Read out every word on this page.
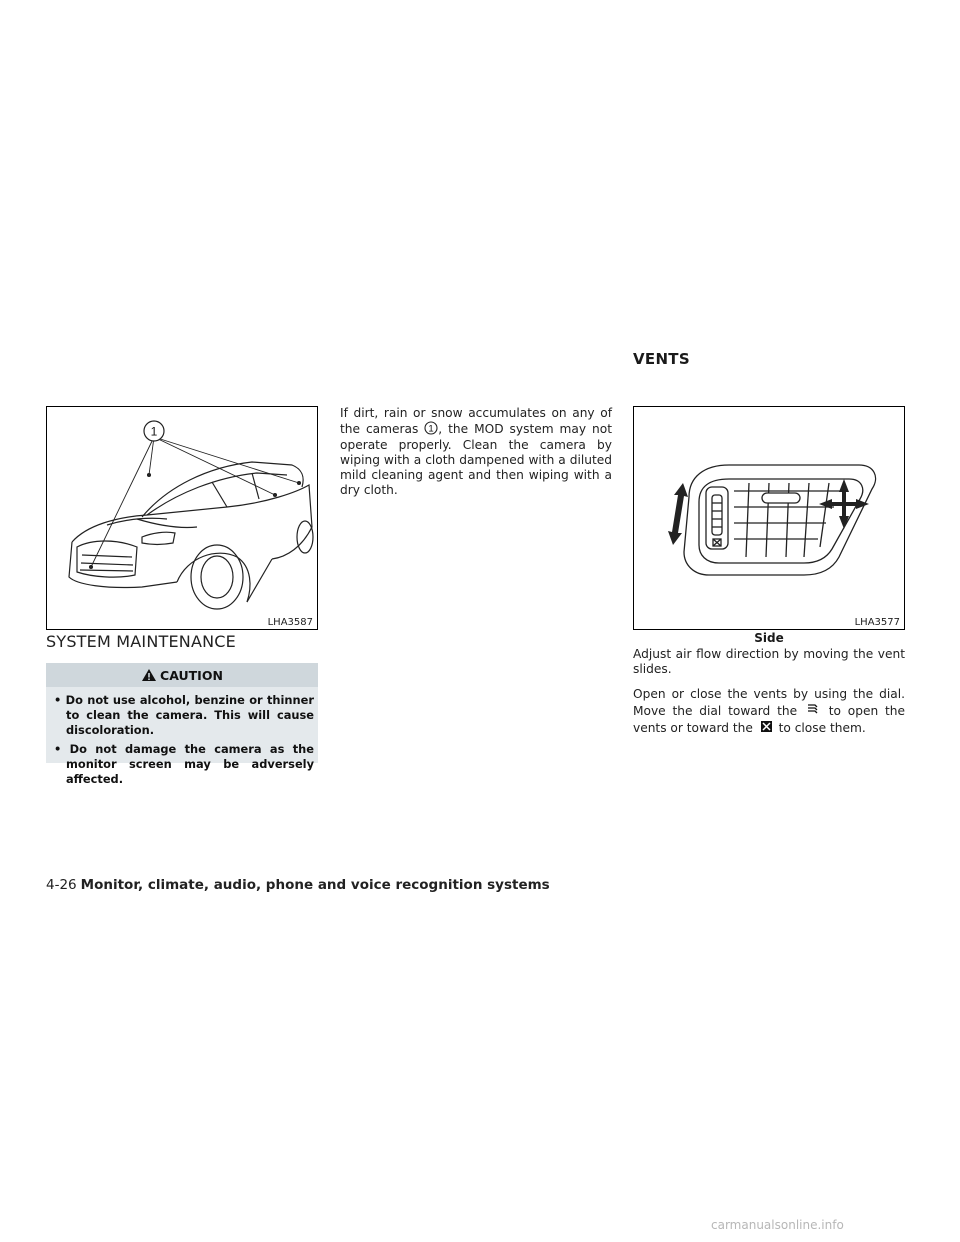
1
LHA3587
SYSTEM MAINTENANCE
CAUTION
• Do not use alcohol, benzine or thinner to clean the camera. This will cause discoloration.
• Do not damage the camera as the monitor screen may be adversely affected.
If dirt, rain or snow accumulates on any of the cameras 1 , the MOD system may not operate properly. Clean the camera by wiping with a cloth dampened with a diluted mild cleaning agent and then wiping with a dry cloth.
VENTS
LHA3577
Side
Adjust air flow direction by moving the vent slides.
Open or close the vents by using the dial. Move the dial toward the	to open the vents or toward the to close them.
4-26 Monitor, climate, audio, phone and voice recognition systems
carmanualsonline.info
